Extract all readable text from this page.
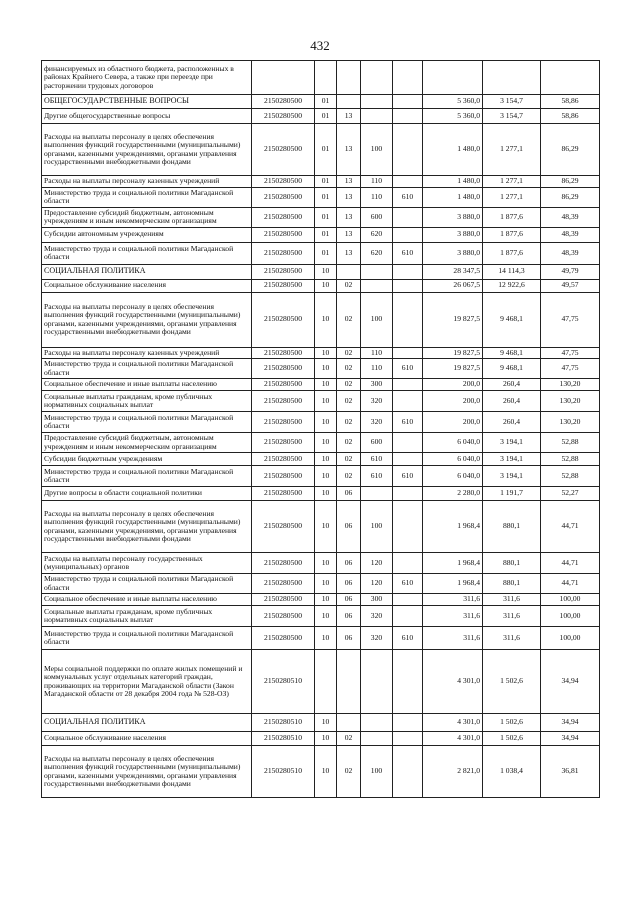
432
финансируемых из областного бюджета, расположенных в районах Крайнего Севера, а также при переезде при расторжении трудовых договоров								
ОБЩЕГОСУДАРСТВЕННЫЕ ВОПРОСЫ	2150280500	01				5 360,0	3 154,7	58,86
Другие общегосударственные вопросы	2150280500	01	13			5 360,0	3 154,7	58,86
Расходы на выплаты персоналу в целях обеспечения выполнения функций государственными (муниципальными) органами, казенными учреждениями, органами управления государственными внебюджетными фондами	2150280500	01	13	100		1 480,0	1 277,1	86,29
Расходы на выплаты персоналу казенных учреждений	2150280500	01	13	110		1 480,0	1 277,1	86,29
Министерство труда и социальной политики Магаданской области	2150280500	01	13	110	610	1 480,0	1 277,1	86,29
Предоставление субсидий бюджетным, автономным учреждениям и иным некоммерческим организациям	2150280500	01	13	600		3 880,0	1 877,6	48,39
Субсидии автономным учреждениям	2150280500	01	13	620		3 880,0	1 877,6	48,39
Министерство труда и социальной политики Магаданской области	2150280500	01	13	620	610	3 880,0	1 877,6	48,39
СОЦИАЛЬНАЯ ПОЛИТИКА	2150280500	10				28 347,5	14 114,3	49,79
Социальное обслуживание населения	2150280500	10	02			26 067,5	12 922,6	49,57
Расходы на выплаты персоналу в целях обеспечения выполнения функций государственными (муниципальными) органами, казенными учреждениями, органами управления государственными внебюджетными фондами	2150280500	10	02	100		19 827,5	9 468,1	47,75
Расходы на выплаты персоналу казенных учреждений	2150280500	10	02	110		19 827,5	9 468,1	47,75
Министерство труда и социальной политики Магаданской области	2150280500	10	02	110	610	19 827,5	9 468,1	47,75
Социальное обеспечение и иные выплаты населению	2150280500	10	02	300		200,0	260,4	130,20
Социальные выплаты гражданам, кроме публичных нормативных социальных выплат	2150280500	10	02	320		200,0	260,4	130,20
Министерство труда и социальной политики Магаданской области	2150280500	10	02	320	610	200,0	260,4	130,20
Предоставление субсидий бюджетным, автономным учреждениям и иным некоммерческим организациям	2150280500	10	02	600		6 040,0	3 194,1	52,88
Субсидии бюджетным учреждениям	2150280500	10	02	610		6 040,0	3 194,1	52,88
Министерство труда и социальной политики Магаданской области	2150280500	10	02	610	610	6 040,0	3 194,1	52,88
Другие вопросы в области социальной политики	2150280500	10	06			2 280,0	1 191,7	52,27
Расходы на выплаты персоналу в целях обеспечения выполнения функций государственными (муниципальными) органами, казенными учреждениями, органами управления государственными внебюджетными фондами	2150280500	10	06	100		1 968,4	880,1	44,71
Расходы на выплаты персоналу государственных (муниципальных) органов	2150280500	10	06	120		1 968,4	880,1	44,71
Министерство труда и социальной политики Магаданской области	2150280500	10	06	120	610	1 968,4	880,1	44,71
Социальное обеспечение и иные выплаты населению	2150280500	10	06	300		311,6	311,6	100,00
Социальные выплаты гражданам, кроме публичных нормативных социальных выплат	2150280500	10	06	320		311,6	311,6	100,00
Министерство труда и социальной политики Магаданской области	2150280500	10	06	320	610	311,6	311,6	100,00
Меры социальной поддержки по оплате жилых помещений и коммунальных услуг отдельных категорий граждан, проживающих на территории Магаданской области (Закон Магаданской области от 28 декабря 2004 года № 528-ОЗ)	2150280510					4 301,0	1 502,6	34,94
СОЦИАЛЬНАЯ ПОЛИТИКА	2150280510	10				4 301,0	1 502,6	34,94
Социальное обслуживание населения	2150280510	10	02			4 301,0	1 502,6	34,94
Расходы на выплаты персоналу в целях обеспечения выполнения функций государственными (муниципальными) органами, казенными учреждениями, органами управления государственными внебюджетными фондами	2150280510	10	02	100		2 821,0	1 038,4	36,81
